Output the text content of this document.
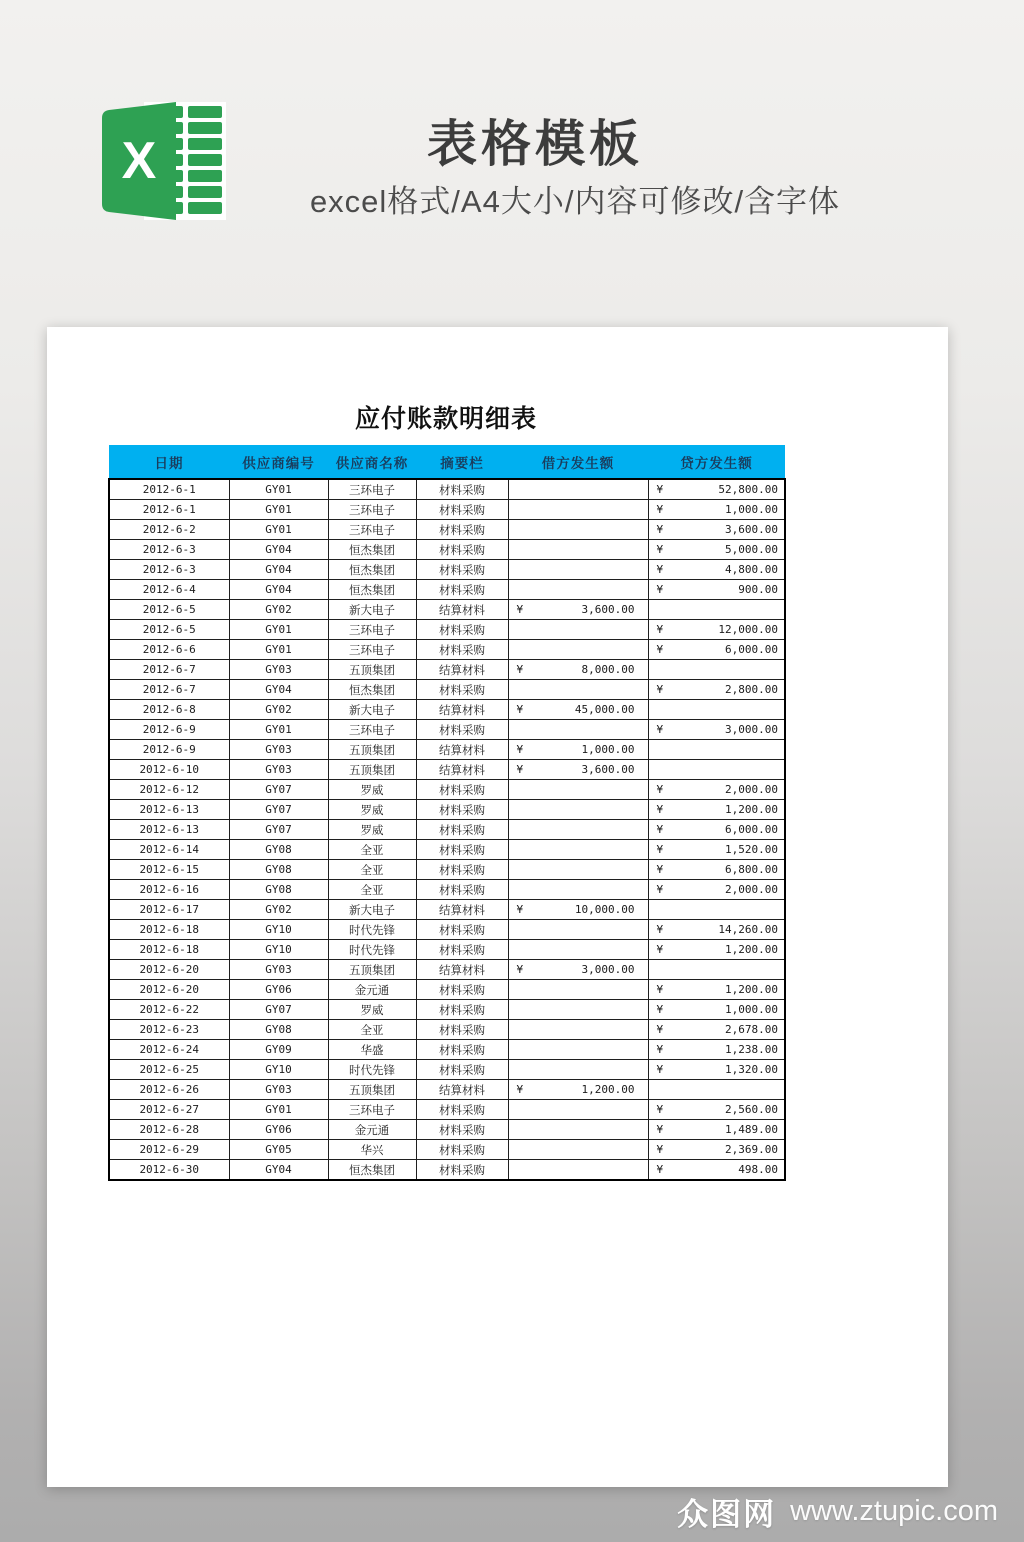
X	表格模板
excel格式/A4大小/内容可修改/含字体
应付账款明细表
日期	供应商编号	供应商名称	摘要栏	借方发生额	贷方发生额
2012-6-1	GY01	三环电子	材料采购		¥ 52,800.00

2012-6-1	GY01	三环电子	材料采购		¥ 1,000.00

2012-6-2	GY01	三环电子	材料采购		¥ 3,600.00

2012-6-3	GY04	恒杰集团	材料采购		¥ 5,000.00

2012-6-3	GY04	恒杰集团	材料采购		¥ 4,800.00

2012-6-4	GY04	恒杰集团	材料采购		¥ 900.00

2012-6-5	GY02	新大电子	结算材料	¥ 3,600.00	

2012-6-5	GY01	三环电子	材料采购		¥ 12,000.00

2012-6-6	GY01	三环电子	材料采购		¥ 6,000.00

2012-6-7	GY03	五顶集团	结算材料	¥ 8,000.00	

2012-6-7	GY04	恒杰集团	材料采购		¥ 2,800.00

2012-6-8	GY02	新大电子	结算材料	¥ 45,000.00	

2012-6-9	GY01	三环电子	材料采购		¥ 3,000.00

2012-6-9	GY03	五顶集团	结算材料	¥ 1,000.00	

2012-6-10	GY03	五顶集团	结算材料	¥ 3,600.00	

2012-6-12	GY07	罗威	材料采购		¥ 2,000.00

2012-6-13	GY07	罗威	材料采购		¥ 1,200.00

2012-6-13	GY07	罗威	材料采购		¥ 6,000.00

2012-6-14	GY08	全亚	材料采购		¥ 1,520.00

2012-6-15	GY08	全亚	材料采购		¥ 6,800.00

2012-6-16	GY08	全亚	材料采购		¥ 2,000.00

2012-6-17	GY02	新大电子	结算材料	¥ 10,000.00	

2012-6-18	GY10	时代先锋	材料采购		¥ 14,260.00

2012-6-18	GY10	时代先锋	材料采购		¥ 1,200.00

2012-6-20	GY03	五顶集团	结算材料	¥ 3,000.00	

2012-6-20	GY06	金元通	材料采购		¥ 1,200.00

2012-6-22	GY07	罗威	材料采购		¥ 1,000.00

2012-6-23	GY08	全亚	材料采购		¥ 2,678.00

2012-6-24	GY09	华盛	材料采购		¥ 1,238.00

2012-6-25	GY10	时代先锋	材料采购		¥ 1,320.00

2012-6-26	GY03	五顶集团	结算材料	¥ 1,200.00	

2012-6-27	GY01	三环电子	材料采购		¥ 2,560.00

2012-6-28	GY06	金元通	材料采购		¥ 1,489.00

2012-6-29	GY05	华兴	材料采购		¥ 2,369.00

2012-6-30	GY04	恒杰集团	材料采购		¥ 498.00
众图网 www.ztupic.com
